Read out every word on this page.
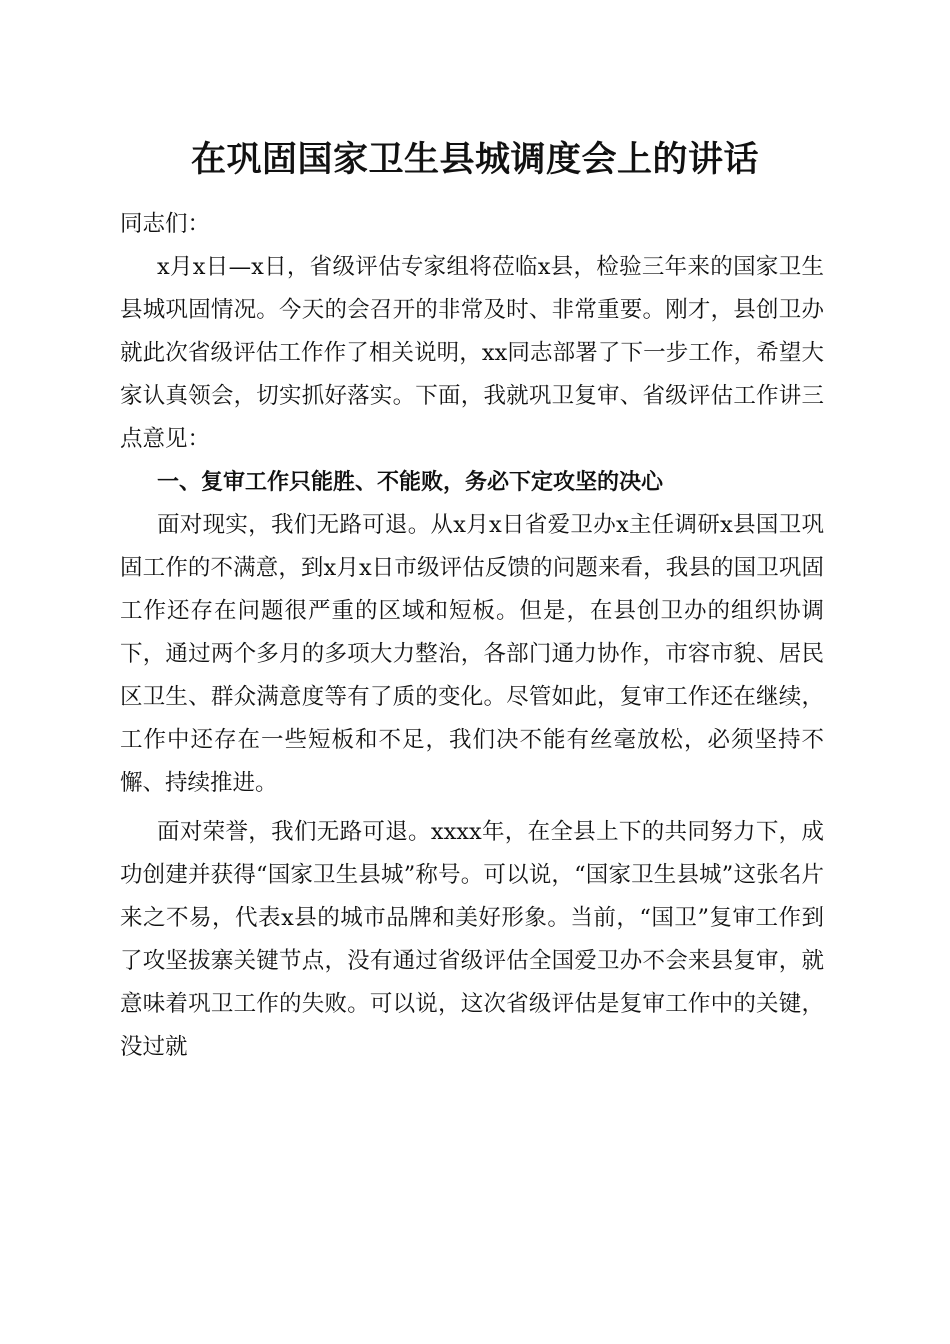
在巩固国家卫生县城调度会上的讲话

同志们：

x月x日—x日，省级评估专家组将莅临x县，检验三年来的国家卫生县城巩固情况。今天的会召开的非常及时、非常重要。刚才，县创卫办就此次省级评估工作作了相关说明，xx同志部署了下一步工作，希望大家认真领会，切实抓好落实。下面，我就巩卫复审、省级评估工作讲三点意见：

一、复审工作只能胜、不能败，务必下定攻坚的决心

面对现实，我们无路可退。从x月x日省爱卫办x主任调研x县国卫巩固工作的不满意，到x月x日市级评估反馈的问题来看，我县的国卫巩固工作还存在问题很严重的区域和短板。但是，在县创卫办的组织协调下，通过两个多月的多项大力整治，各部门通力协作，市容市貌、居民区卫生、群众满意度等有了质的变化。尽管如此，复审工作还在继续，工作中还存在一些短板和不足，我们决不能有丝毫放松，必须坚持不懈、持续推进。

面对荣誉，我们无路可退。xxxx年，在全县上下的共同努力下，成功创建并获得“国家卫生县城”称号。可以说，“国家卫生县城”这张名片来之不易，代表x县的城市品牌和美好形象。当前，“国卫”复审工作到了攻坚拔寨关键节点，没有通过省级评估全国爱卫办不会来县复审，就意味着巩卫工作的失败。可以说，这次省级评估是复审工作中的关键，没过就
